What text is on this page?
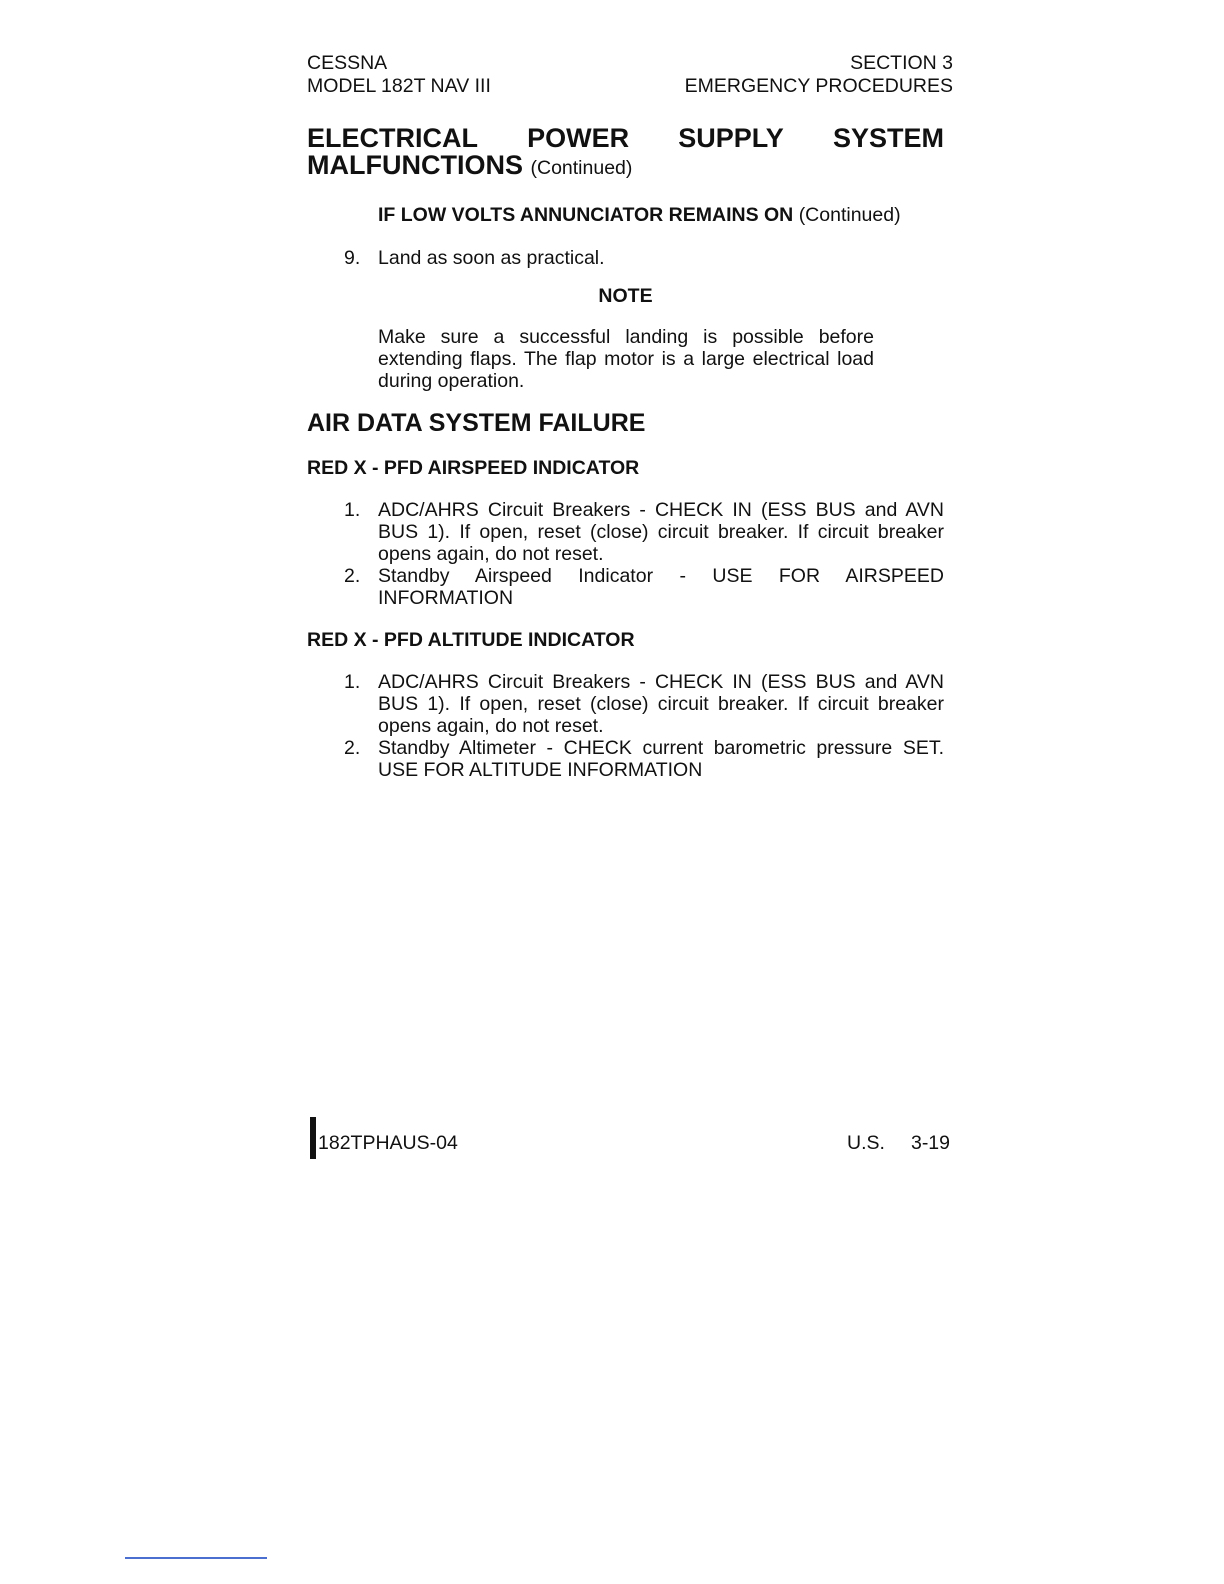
CESSNA
MODEL 182T NAV III
SECTION 3
EMERGENCY PROCEDURES
ELECTRICAL POWER SUPPLY SYSTEM
MALFUNCTIONS (Continued)
IF LOW VOLTS ANNUNCIATOR REMAINS ON (Continued)
9. Land as soon as practical.
NOTE
Make sure a successful landing is possible before extending flaps. The flap motor is a large electrical load during operation.
AIR DATA SYSTEM FAILURE
RED X - PFD AIRSPEED INDICATOR
1. ADC/AHRS Circuit Breakers - CHECK IN (ESS BUS and AVN BUS 1). If open, reset (close) circuit breaker. If circuit breaker opens again, do not reset.
2. Standby Airspeed Indicator - USE FOR AIRSPEED INFORMATION
RED X - PFD ALTITUDE INDICATOR
1. ADC/AHRS Circuit Breakers - CHECK IN (ESS BUS and AVN BUS 1). If open, reset (close) circuit breaker. If circuit breaker opens again, do not reset.
2. Standby Altimeter - CHECK current barometric pressure SET. USE FOR ALTITUDE INFORMATION
182TPHAUS-04	U.S. 3-19
